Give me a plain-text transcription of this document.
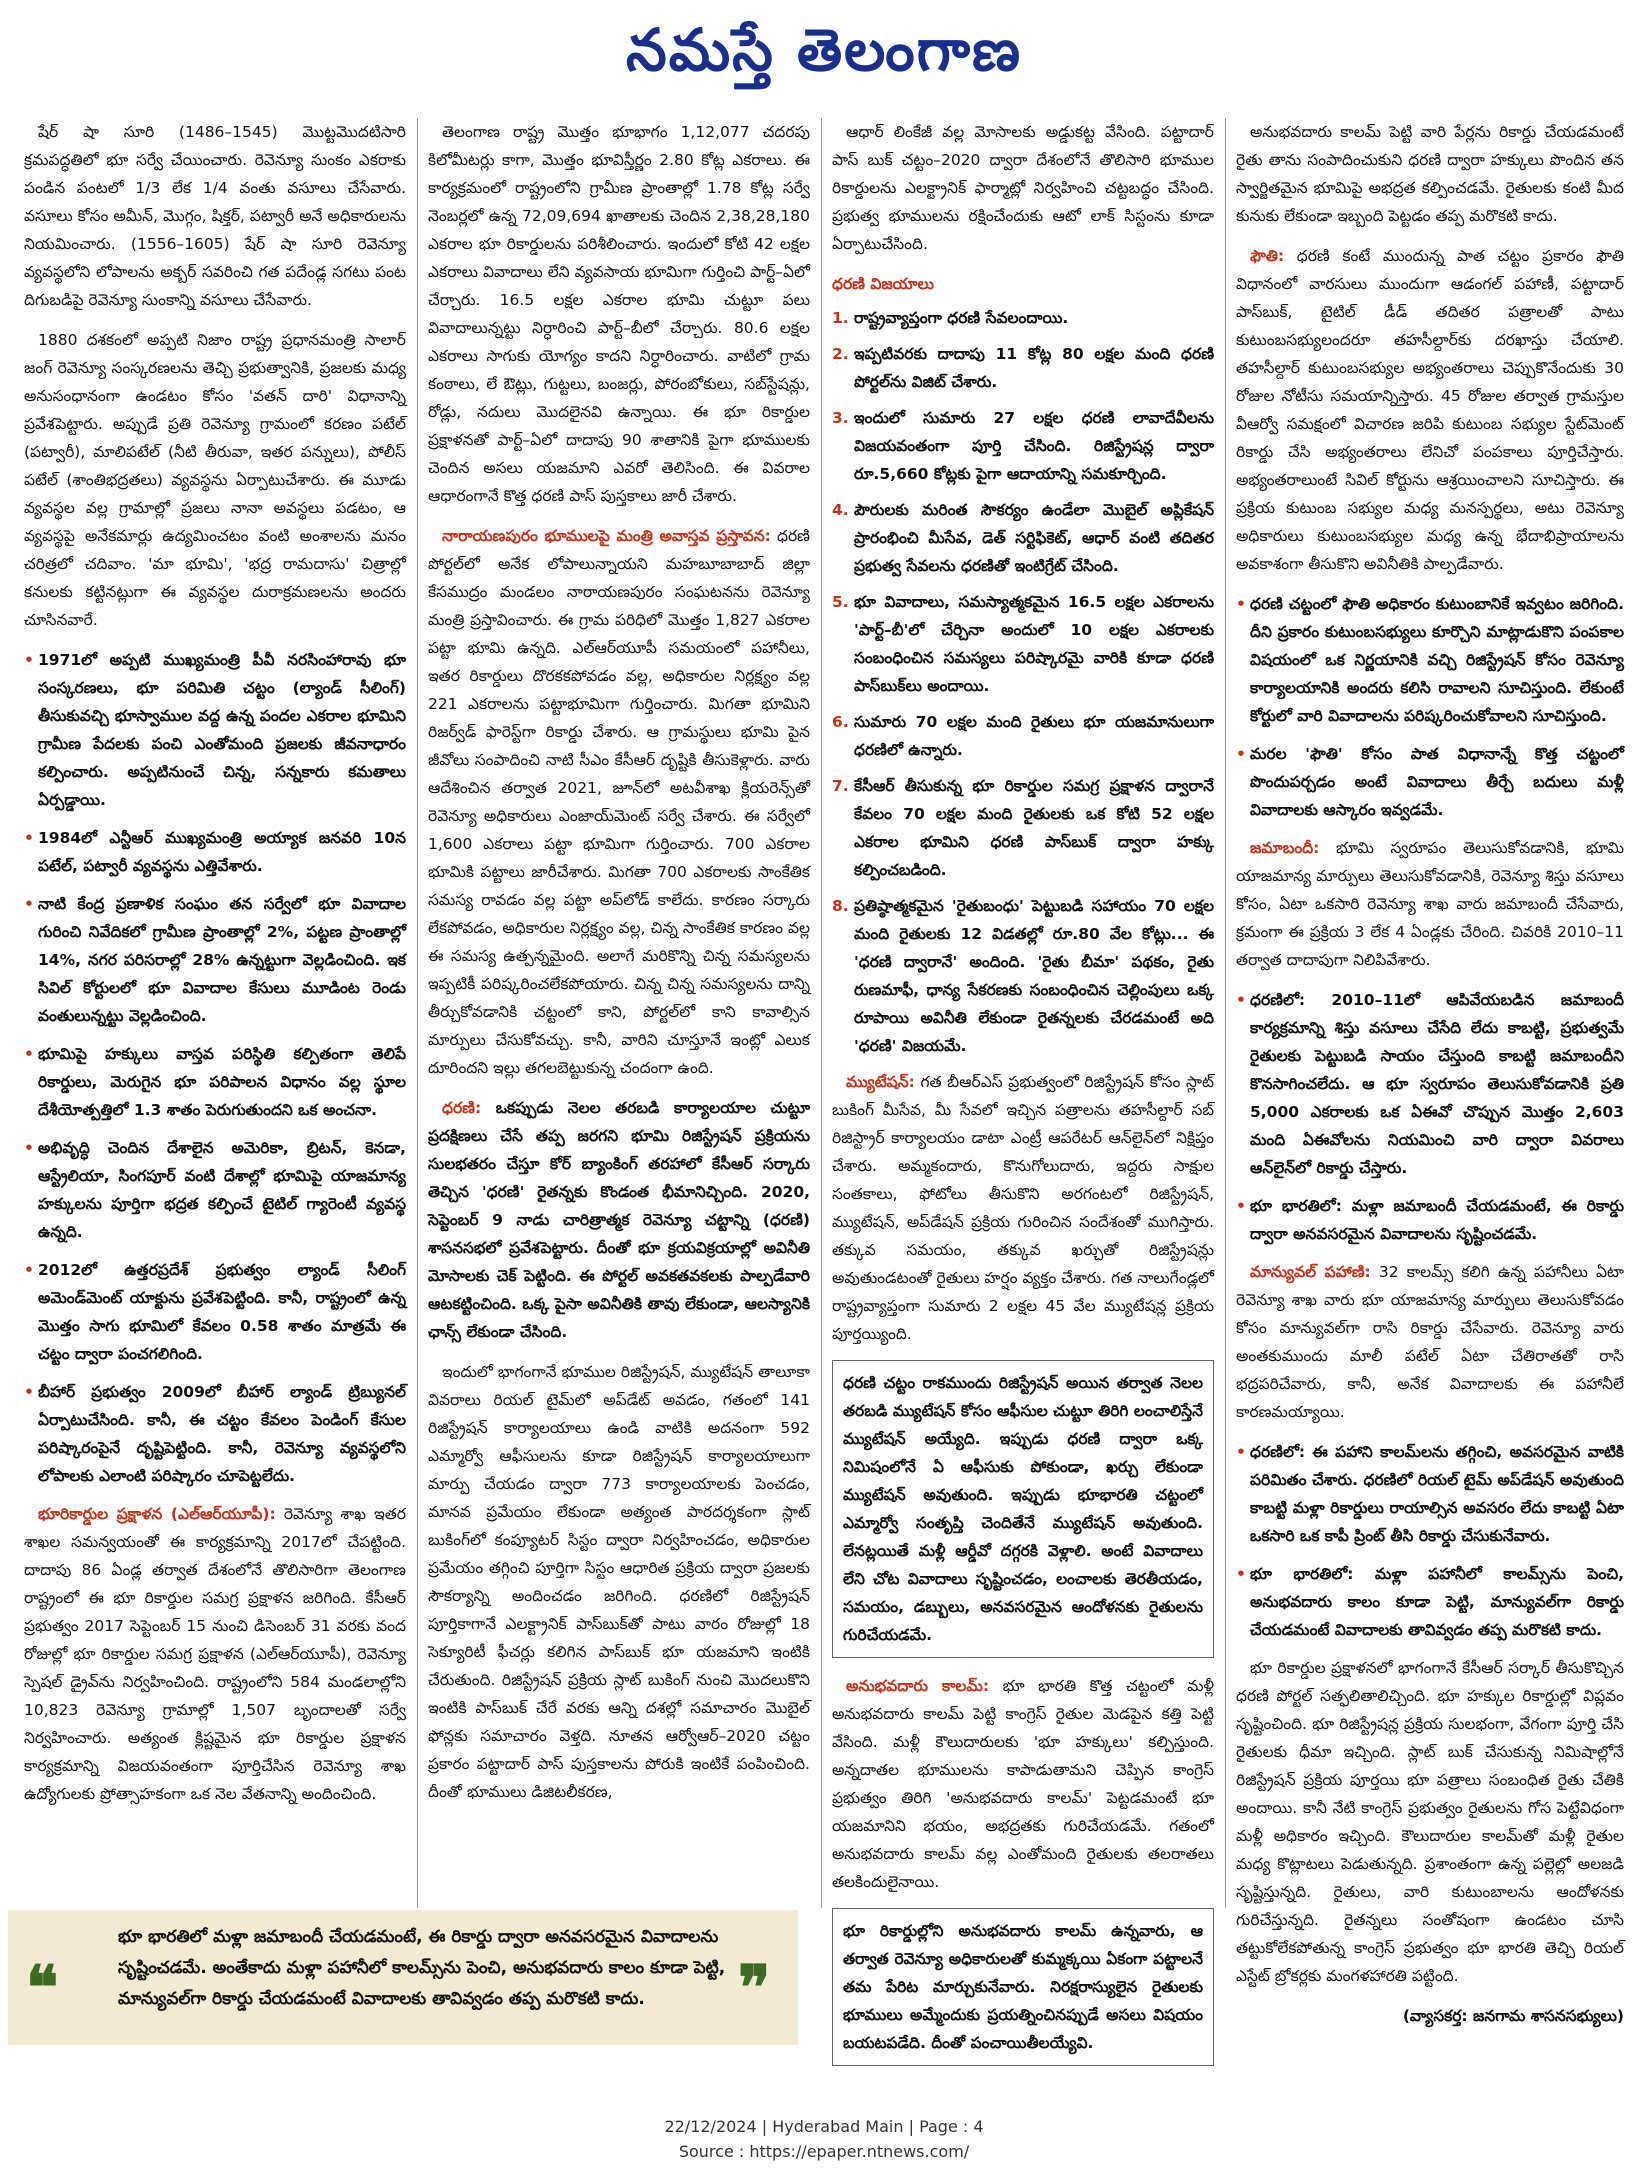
నమస్తే తెలంగాణ

షేర్ షా సూరి (1486–1545) మొట్టమొదటిసారి క్రమపద్ధతిలో భూ సర్వే చేయించారు. రెవెన్యూ సుంకం ఎకరాకు పండిన పంటలో 1/3 లేక 1/4 వంతు వసూలు చేసేవారు. వసూలు కోసం అమీన్, మొగ్గం, షిక్తర్, పట్వారీ అనే అధికారులను నియమించారు. (1556–1605) షేర్ షా సూరి రెవెన్యూ వ్యవస్థలోని లోపాలను అక్బర్ సవరించి గత పదేండ్ల సగటు పంట దిగుబడిపై రెవెన్యూ సుంకాన్ని వసూలు చేసేవారు.

1880 దశకంలో అప్పటి నిజాం రాష్ట్ర ప్రధానమంత్రి సాలార్ జంగ్ రెవెన్యూ సంస్కరణలను తెచ్చి ప్రభుత్వానికి, ప్రజలకు మధ్య అనుసంధానంగా ఉండటం కోసం 'వతన్ దారి' విధానాన్ని ప్రవేశపెట్టారు. అప్పుడే ప్రతి రెవెన్యూ గ్రామంలో కరణం పటేల్ (పట్వారీ), మాలిపటేల్ (నీటి తీరువా, ఇతర పన్నులు), పోలీస్ పటేల్ (శాంతిభద్రతలు) వ్యవస్థను ఏర్పాటుచేశారు. ఈ మూడు వ్యవస్థల వల్ల గ్రామాల్లో ప్రజలు నానా అవస్థలు పడటం, ఆ వ్యవస్థపై అనేకమార్లు ఉద్యమించటం వంటి అంశాలను మనం చరిత్రలో చదివాం. 'మా భూమి', 'భద్ర రామదాసు' చిత్రాల్లో కనులకు కట్టినట్లుగా ఈ వ్యవస్థల దురాక్రమణలను అందరు చూసినవారే.

• 1971లో అప్పటి ముఖ్యమంత్రి పీవీ నరసింహారావు భూ సంస్కరణలు, భూ పరిమితి చట్టం (ల్యాండ్ సీలింగ్) తీసుకువచ్చి భూస్వాముల వద్ద ఉన్న పందల ఎకరాల భూమిని గ్రామీణ పేదలకు పంచి ఎంతోమంది ప్రజలకు జీవనాధారం కల్పించారు. అప్పటినుంచే చిన్న, సన్నకారు కమతాలు ఏర్పడ్డాయి.
• 1984లో ఎన్టీఆర్ ముఖ్యమంత్రి అయ్యాక జనవరి 10న పటేల్, పట్వారీ వ్యవస్థను ఎత్తివేశారు.
• నాటి కేంద్ర ప్రణాళిక సంఘం తన సర్వేలో భూ వివాదాల గురించి నివేదికలో గ్రామీణ ప్రాంతాల్లో 2%, పట్టణ ప్రాంతాల్లో 14%, నగర పరిసరాల్లో 28% ఉన్నట్టుగా వెల్లడించింది. ఇక సివిల్ కోర్టులలో భూ వివాదాల కేసులు మూడింట రెండు వంతులున్నట్టు వెల్లడించింది.
• భూమిపై హక్కులు వాస్తవ పరిస్థితి కల్పితంగా తెలిపే రికార్డులు, మెరుగైన భూ పరిపాలన విధానం వల్ల స్థూల దేశీయోత్పత్తిలో 1.3 శాతం పెరుగుతుందని ఒక అంచనా.
• అభివృద్ధి చెందిన దేశాలైన అమెరికా, బ్రిటన్, కెనడా, ఆస్ట్రేలియా, సింగపూర్ వంటి దేశాల్లో భూమిపై యాజమాన్య హక్కులను పూర్తిగా భద్రత కల్పించే టైటిల్ గ్యారెంటీ వ్యవస్థ ఉన్నది.
• 2012లో ఉత్తరప్రదేశ్ ప్రభుత్వం ల్యాండ్ సీలింగ్ అమెండ్‌మెంట్ యాక్టును ప్రవేశపెట్టింది. కానీ, రాష్ట్రంలో ఉన్న మొత్తం సాగు భూమిలో కేవలం 0.58 శాతం మాత్రమే ఈ చట్టం ద్వారా పంచగలిగింది.
• బీహార్ ప్రభుత్వం 2009లో బీహార్ ల్యాండ్ ట్రిబ్యునల్ ఏర్పాటుచేసింది. కానీ, ఈ చట్టం కేవలం పెండింగ్ కేసుల పరిష్కారంపైనే దృష్టిపెట్టింది. కానీ, రెవెన్యూ వ్యవస్థలోని లోపాలకు ఎలాంటి పరిష్కారం చూపెట్టలేదు.

భూరికార్డుల ప్రక్షాళన (ఎల్ఆర్‌యూపీ): రెవెన్యూ శాఖ ఇతర శాఖల సమన్వయంతో ఈ కార్యక్రమాన్ని 2017లో చేపట్టింది. దాదాపు 86 ఏండ్ల తర్వాత దేశంలోనే తొలిసారిగా తెలంగాణ రాష్ట్రంలో ఈ భూ రికార్డుల సమగ్ర ప్రక్షాళన జరిగింది. కేసీఆర్ ప్రభుత్వం 2017 సెప్టెంబర్ 15 నుంచి డిసెంబర్ 31 వరకు వంద రోజుల్లో భూ రికార్డుల సమగ్ర ప్రక్షాళన (ఎల్ఆర్‌యూపీ), రెవెన్యూ స్పెషల్ డ్రైవ్‌ను నిర్వహించింది. రాష్ట్రంలోని 584 మండలాల్లోని 10,823 రెవెన్యూ గ్రామాల్లో 1,507 బృందాలతో సర్వే నిర్వహించారు. అత్యంత క్లిష్టమైన భూ రికార్డుల ప్రక్షాళన కార్యక్రమాన్ని విజయవంతంగా పూర్తిచేసిన రెవెన్యూ శాఖ ఉద్యోగులకు ప్రోత్సాహకంగా ఒక నెల వేతనాన్ని అందించింది.

తెలంగాణ రాష్ట్ర మొత్తం భూభాగం 1,12,077 చదరపు కిలోమీటర్లు కాగా, మొత్తం భూవిస్తీర్ణం 2.80 కోట్ల ఎకరాలు. ఈ కార్యక్రమంలో రాష్ట్రంలోని గ్రామీణ ప్రాంతాల్లో 1.78 కోట్ల సర్వే నెంబర్లలో ఉన్న 72,09,694 ఖాతాలకు చెందిన 2,38,28,180 ఎకరాల భూ రికార్డులను పరిశీలించారు. ఇందులో కోటి 42 లక్షల ఎకరాలు వివాదాలు లేని వ్యవసాయ భూమిగా గుర్తించి పార్ట్–ఏలో చేర్చారు. 16.5 లక్షల ఎకరాల భూమి చుట్టూ పలు వివాదాలున్నట్టు నిర్ధారించి పార్ట్–బీలో చేర్చారు. 80.6 లక్షల ఎకరాలు సాగుకు యోగ్యం కాదని నిర్ధారించారు. వాటిలో గ్రామ కంఠాలు, లే ఔట్లు, గుట్టలు, బంజర్లు, పోరంబోకులు, సబ్‌స్టేషన్లు, రోడ్లు, నదులు మొదలైనవి ఉన్నాయి. ఈ భూ రికార్డుల ప్రక్షాళనతో పార్ట్–ఏలో దాదాపు 90 శాతానికి పైగా భూములకు చెందిన అసలు యజమాని ఎవరో తెలిసింది. ఈ వివరాల ఆధారంగానే కొత్త ధరణి పాస్ పుస్తకాలు జారీ చేశారు.

నారాయణపురం భూములపై మంత్రి అవాస్తవ ప్రస్తావన: ధరణి పోర్టల్‌లో అనేక లోపాలున్నాయని మహబూబాబాద్ జిల్లా కేసముద్రం మండలం నారాయణపురం సంఘటనను రెవెన్యూ మంత్రి ప్రస్తావించారు. ఈ గ్రామ పరిధిలో మొత్తం 1,827 ఎకరాల పట్టా భూమి ఉన్నది. ఎల్ఆర్‌యూపీ సమయంలో పహానీలు, ఇతర రికార్డులు దొరకకపోవడం వల్ల, అధికారుల నిర్లక్ష్యం వల్ల 221 ఎకరాలను పట్టాభూమిగా గుర్తించారు. మిగతా భూమిని రిజర్వ్‌డ్ ఫారెస్ట్‌గా రికార్డు చేశారు. ఆ గ్రామస్థులు భూమి పైన జీవోలు సంపాదించి నాటి సీఎం కేసీఆర్ దృష్టికి తీసుకెళ్లారు. వారు ఆదేశించిన తర్వాత 2021, జూన్‌లో అటవీశాఖ క్లియరెన్స్‌తో రెవెన్యూ అధికారులు ఎంజాయ్‌మెంట్ సర్వే చేశారు. ఈ సర్వేలో 1,600 ఎకరాలు పట్టా భూమిగా గుర్తించారు. 700 ఎకరాల భూమికి పట్టాలు జారీచేశారు. మిగతా 700 ఎకరాలకు సాంకేతిక సమస్య రావడం వల్ల పట్టా అప్‌లోడ్ కాలేదు. కారణం సర్కారు లేకపోవడం, అధికారుల నిర్లక్ష్యం వల్ల, చిన్న సాంకేతిక కారణం వల్ల ఈ సమస్య ఉత్పన్నమైంది. అలాగే మరికొన్ని చిన్న సమస్యలను ఇప్పటికీ పరిష్కరించలేకపోయారు. చిన్న చిన్న సమస్యలను దాన్ని తీర్చుకోవడానికి చట్టంలో కాని, పోర్టల్‌లో కాని కావాల్సిన మార్పులు చేసుకోవచ్చు. కానీ, వారిని చూస్తూనే ఇంట్లో ఎలుక దూరిందని ఇల్లు తగలబెట్టుకున్న చందంగా ఉంది.

ధరణి: ఒకప్పుడు నెలల తరబడి కార్యాలయాల చుట్టూ ప్రదక్షిణలు చేసే తప్ప జరగని భూమి రిజిస్ట్రేషన్ ప్రక్రియను సులభతరం చేస్తూ కోర్ బ్యాంకింగ్ తరహాలో కేసీఆర్ సర్కారు తెచ్చిన 'ధరణి' రైతన్నకు కొండంత భీమానిచ్చింది. 2020, సెప్టెంబర్ 9 నాడు చారిత్రాత్మక రెవెన్యూ చట్టాన్ని (ధరణి) శాసనసభలో ప్రవేశపెట్టారు. దీంతో భూ క్రయవిక్రయాల్లో అవినీతి మోసాలకు చెక్ పెట్టింది. ఈ పోర్టల్ అవకతవకలకు పాల్పడేవారి ఆటకట్టించింది. ఒక్క పైసా అవినీతికి తావు లేకుండా, ఆలస్యానికి ఛాన్స్ లేకుండా చేసింది.

ఇందులో భాగంగానే భూముల రిజిస్ట్రేషన్, మ్యుటేషన్ తాలూకా వివరాలు రియల్ టైమ్‌లో అప్‌డేట్ అవడం, గతంలో 141 రిజిస్ట్రేషన్ కార్యాలయాలు ఉండి వాటికి అదనంగా 592 ఎమ్మార్వో ఆఫీసులను కూడా రిజిస్ట్రేషన్ కార్యాలయాలుగా మార్పు చేయడం ద్వారా 773 కార్యాలయాలకు పెంచడం, మానవ ప్రమేయం లేకుండా అత్యంత పారదర్శకంగా స్లాట్ బుకింగ్‌లో కంప్యూటర్ సిస్టం ద్వారా నిర్వహించడం, అధికారుల ప్రమేయం తగ్గించి పూర్తిగా సిస్టం ఆధారిత ప్రక్రియ ద్వారా ప్రజలకు సౌకర్యాన్ని అందించడం జరిగింది. ధరణిలో రిజిస్ట్రేషన్ పూర్తికాగానే ఎలక్ట్రానిక్ పాస్‌బుక్‌తో పాటు వారం రోజుల్లో 18 సెక్యూరిటీ ఫీచర్లు కలిగిన పాస్‌బుక్ భూ యజమాని ఇంటికి చేరుతుంది. రిజిస్ట్రేషన్ ప్రక్రియ స్లాట్ బుకింగ్ నుంచి మొదలుకొని ఇంటికి పాస్‌బుక్ చేరే వరకు ఆన్ని దశల్లో సమాచారం మొబైల్ ఫోన్లకు సమాచారం వెళ్తది. నూతన ఆర్వోఆర్–2020 చట్టం ప్రకారం పట్టాదార్ పాస్ పుస్తకాలను పోరుకి ఇంటికే పంపించింది. దీంతో భూములు డిజిటలీకరణ,

ఆధార్ లింకేజీ వల్ల మోసాలకు అడ్డుకట్ట వేసింది. పట్టాదార్ పాస్ బుక్ చట్టం–2020 ద్వారా దేశంలోనే తొలిసారి భూముల రికార్డులను ఎలక్ట్రానిక్ ఫార్మాట్లో నిర్వహించి చట్టబద్ధం చేసింది. ప్రభుత్వ భూములను రక్షించేందుకు ఆటో లాక్ సిస్టంను కూడా ఏర్పాటుచేసింది.

ధరణి విజయాలు
1. రాష్ట్రవ్యాప్తంగా ధరణి సేవలందాయి.
2. ఇప్పటివరకు దాదాపు 11 కోట్ల 80 లక్షల మంది ధరణి పోర్టల్‌ను విజిట్ చేశారు.
3. ఇందులో సుమారు 27 లక్షల ధరణి లావాదేవీలను విజయవంతంగా పూర్తి చేసింది. రిజిస్ట్రేషన్ల ద్వారా రూ.5,660 కోట్లకు పైగా ఆదాయాన్ని సమకూర్చింది.
4. పౌరులకు మరింత సౌకర్యం ఉండేలా మొబైల్ అప్లికేషన్ ప్రారంభించి మీసేవ, డెత్ సర్టిఫికెట్, ఆధార్ వంటి తదితర ప్రభుత్వ సేవలను ధరణితో ఇంటిగ్రేట్ చేసింది.
5. భూ వివాదాలు, సమస్యాత్మకమైన 16.5 లక్షల ఎకరాలను 'పార్ట్–బీ'లో చేర్చినా అందులో 10 లక్షల ఎకరాలకు సంబంధించిన సమస్యలు పరిష్కారమై వారికి కూడా ధరణి పాస్‌బుక్‌లు అందాయి.
6. సుమారు 70 లక్షల మంది రైతులు భూ యజమానులుగా ధరణిలో ఉన్నారు.
7. కేసీఆర్ తీసుకున్న భూ రికార్డుల సమగ్ర ప్రక్షాళన ద్వారానే కేవలం 70 లక్షల మంది రైతులకు ఒక కోటి 52 లక్షల ఎకరాల భూమిని ధరణి పాస్‌బుక్ ద్వారా హక్కు కల్పించబడింది.
8. ప్రతిష్ఠాత్మకమైన 'రైతుబంధు' పెట్టుబడి సహాయం 70 లక్షల మంది రైతులకు 12 విడతల్లో రూ.80 వేల కోట్లు... ఈ 'ధరణి ద్వారానే' అందింది. 'రైతు బీమా' పథకం, రైతు రుణమాఫీ, ధాన్య సేకరణకు సంబంధించిన చెల్లింపులు ఒక్క రూపాయి అవినీతి లేకుండా రైతన్నలకు చేరడమంటే అది 'ధరణి' విజయమే.

మ్యుటేషన్: గత బీఆర్ఎస్ ప్రభుత్వంలో రిజిస్ట్రేషన్ కోసం స్లాట్ బుకింగ్ మీసేవ, మీ సేవలో ఇచ్చిన పత్రాలను తహసీల్దార్ సబ్ రిజిస్ట్రార్ కార్యాలయం డాటా ఎంట్రీ ఆపరేటర్ ఆన్‌లైన్‌లో నిక్షిప్తం చేశారు. అమ్మకందారు, కొనుగోలుదారు, ఇద్దరు సాక్షుల సంతకాలు, ఫోటోలు తీసుకొని అరగంటలో రిజిస్ట్రేషన్, మ్యుటేషన్, అప్‌డేషన్ ప్రక్రియ గురించిన సందేశంతో ముగిస్తారు. తక్కువ సమయం, తక్కువ ఖర్చుతో రిజిస్ట్రేషన్లు అవుతుండటంతో రైతులు హర్షం వ్యక్తం చేశారు. గత నాలుగేండ్లలో రాష్ట్రవ్యాప్తంగా సుమారు 2 లక్షల 45 వేల మ్యుటేషన్ల ప్రక్రియ పూర్తయ్యింది.

ధరణి చట్టం రాకముందు రిజిస్ట్రేషన్ అయిన తర్వాత నెలల తరబడి మ్యుటేషన్ కోసం ఆఫీసుల చుట్టూ తిరిగి లంచాలిస్తేనే మ్యుటేషన్ అయ్యేది. ఇప్పుడు ధరణి ద్వారా ఒక్క నిమిషంలోనే ఏ ఆఫీసుకు పోకుండా, ఖర్చు లేకుండా మ్యుటేషన్ అవుతుంది. ఇప్పుడు భూభారతి చట్టంలో ఎమ్మార్వో సంతృప్తి చెందితేనే మ్యుటేషన్ అవుతుంది. లేనట్లయితే మళ్లీ ఆర్డీవో దగ్గరకి వెళ్లాలి. అంటే వివాదాలు లేని చోట వివాదాలు సృష్టించడం, లంచాలకు తెరతీయడం, సమయం, డబ్బులు, అనవసరమైన ఆందోళనకు రైతులను గురిచేయడమే.

అనుభవదారు కాలమ్: భూ భారతి కొత్త చట్టంలో మళ్లీ అనుభవదారు కాలమ్ పెట్టి కాంగ్రెస్ రైతుల మెడపైన కత్తి పెట్టి వేసింది. మళ్లీ కౌలుదారులకు 'భూ హక్కులు' కల్పిస్తుంది. అన్నదాతల భూములను కాపాడుతామని చెప్పిన కాంగ్రెస్ ప్రభుత్వం తిరిగి 'అనుభవదారు కాలమ్' పెట్టడమంటే భూ యజమానిని భయం, అభద్రతకు గురిచేయడమే. గతంలో అనుభవదారు కాలమ్ వల్ల ఎంతోమంది రైతులకు తలరాతలు తలకిందులైనాయి.

భూ రికార్డుల్లోని అనుభవదారు కాలమ్ ఉన్నవారు, ఆ తర్వాత రెవెన్యూ అధికారులతో కుమ్మక్కయి ఏకంగా పట్టాలనే తమ పేరిట మార్చుకునేవారు. నిరక్షరాస్యులైన రైతులకు భూములు అమ్మేందుకు ప్రయత్నించినప్పుడే అసలు విషయం బయటపడేది. దీంతో పంచాయితీలయ్యేవి.

అనుభవదారు కాలమ్ పెట్టి వారి పేర్లను రికార్డు చేయడమంటే రైతు తాను సంపాదించుకుని ధరణి ద్వారా హక్కులు పొందిన తన స్వార్జితమైన భూమిపై అభద్రత కల్పించడమే. రైతులకు కంటి మీద కునుకు లేకుండా ఇబ్బంది పెట్టడం తప్ప మరొకటి కాదు.

ఫౌతి: ధరణి కంటే ముందున్న పాత చట్టం ప్రకారం ఫౌతి విధానంలో వారసులు ముందుగా ఆడంగల్ పహాణీ, పట్టాదార్ పాస్‌బుక్, టైటిల్ డీడ్ తదితర పత్రాలతో పాటు కుటుంబసభ్యులందరూ తహసీల్దార్‌కు దరఖాస్తు చేయాలి. తహసీల్దార్ కుటుంబసభ్యుల అభ్యంతరాలు చెప్పుకొనేందుకు 30 రోజుల నోటీసు సమయాన్నిస్తారు. 45 రోజుల తర్వాత గ్రామస్తుల వీఆర్వో సమక్షంలో విచారణ జరిపి కుటుంబ సభ్యుల స్టేట్‌మెంట్ రికార్డు చేసి అభ్యంతరాలు లేనిచో పంపకాలు పూర్తిచేస్తారు. అభ్యంతరాలుంటే సివిల్ కోర్టును ఆశ్రయించాలని సూచిస్తారు. ఈ ప్రక్రియ కుటుంబ సభ్యుల మధ్య మనస్పర్థలు, అటు రెవెన్యూ అధికారులు కుటుంబసభ్యుల మధ్య ఉన్న భేదాభిప్రాయాలను అవకాశంగా తీసుకొని అవినీతికి పాల్పడేవారు.

• ధరణి చట్టంలో ఫౌతి అధికారం కుటుంబానికే ఇవ్వటం జరిగింది. దీని ప్రకారం కుటుంబసభ్యులు కూర్చొని మాట్లాడుకొని పంపకాల విషయంలో ఒక నిర్ణయానికి వచ్చి రిజిస్ట్రేషన్ కోసం రెవెన్యూ కార్యాలయానికి అందరు కలిసి రావాలని సూచిస్తుంది. లేకుంటే కోర్టులో వారి వివాదాలను పరిష్కరించుకోవాలని సూచిస్తుంది.
• మరల 'ఫౌతి' కోసం పాత విధానాన్నే కొత్త చట్టంలో పొందుపర్చడం అంటే వివాదాలు తీర్చే బదులు మళ్లీ వివాదాలకు ఆస్కారం ఇవ్వడమే.

జమాబందీ: భూమి స్వరూపం తెలుసుకోవడానికి, భూమి యాజమాన్య మార్పులు తెలుసుకోవడానికి, రెవెన్యూ శిస్తు వసూలు కోసం, ఏటా ఒకసారి రెవెన్యూ శాఖ వారు జమాబందీ చేసేవారు, క్రమంగా ఈ ప్రక్రియ 3 లేక 4 ఏండ్లకు చేరింది. చివరికి 2010–11 తర్వాత దాదాపుగా నిలిపివేశారు.

• ధరణిలో: 2010–11లో ఆపివేయబడిన జమాబందీ కార్యక్రమాన్ని శిస్తు వసూలు చేసేది లేదు కాబట్టి, ప్రభుత్వమే రైతులకు పెట్టుబడి సాయం చేస్తుంది కాబట్టి జమాబందీని కొనసాగించలేదు. ఆ భూ స్వరూపం తెలుసుకోవడానికి ప్రతి 5,000 ఎకరాలకు ఒక ఏఈవో చొప్పున మొత్తం 2,603 మంది ఏఈవోలను నియమించి వారి ద్వారా వివరాలు ఆన్‌లైన్‌లో రికార్డు చేస్తారు.
• భూ భారతిలో: మళ్లా జమాబందీ చేయడమంటే, ఈ రికార్డు ద్వారా అనవసరమైన వివాదాలను సృష్టించడమే.

మాన్యువల్ పహాణి: 32 కాలమ్స్ కలిగి ఉన్న పహానీలు ఏటా రెవెన్యూ శాఖ వారు భూ యాజమాన్య మార్పులు తెలుసుకోవడం కోసం మాన్యువల్‌గా రాసి రికార్డు చేసేవారు. రెవెన్యూ వారు అంతకుముందు మాలీ పటేల్ ఏటా చేతిరాతతో రాసి భద్రపరిచేవారు, కానీ, అనేక వివాదాలకు ఈ పహానీలే కారణమయ్యాయి.

• ధరణిలో: ఈ పహాని కాలమ్‌లను తగ్గించి, అవసరమైన వాటికి పరిమితం చేశారు. ధరణిలో రియల్ టైమ్ అప్‌డేషన్ అవుతుంది కాబట్టి మళ్లా రికార్డులు రాయాల్సిన అవసరం లేదు కాబట్టి ఏటా ఒకసారి ఒక కాపీ ప్రింట్ తీసి రికార్డు చేసుకునేవారు.
• భూ భారతిలో: మళ్లా పహానీలో కాలమ్స్‌ను పెంచి, అనుభవదారు కాలం కూడా పెట్టి, మాన్యువల్‌గా రికార్డు చేయడమంటే వివాదాలకు తావివ్వడం తప్ప మరొకటి కాదు.

భూ రికార్డుల ప్రక్షాళనలో భాగంగానే కేసీఆర్ సర్కార్ తీసుకొచ్చిన ధరణి పోర్టల్ సత్ఫలితాలిచ్చింది. భూ హక్కుల రికార్డుల్లో విప్లవం సృష్టించింది. భూ రిజిస్ట్రేషన్ల ప్రక్రియ సులభంగా, వేగంగా పూర్తి చేసి రైతులకు ధీమా ఇచ్చింది. స్లాట్ బుక్ చేసుకున్న నిమిషాల్లోనే రిజిస్ట్రేషన్ ప్రక్రియ పూర్తయి భూ పత్రాలు సంబంధిత రైతు చేతికి అందాయి. కానీ నేటి కాంగ్రెస్ ప్రభుత్వం రైతులను గోస పెట్టేవిధంగా మళ్లీ అధికారం ఇచ్చింది. కౌలుదారుల కాలమ్‌తో మళ్లీ రైతుల మధ్య కొట్లాటలు పెడుతున్నది. ప్రశాంతంగా ఉన్న పల్లెల్లో అలజడి సృష్టిస్తున్నది. రైతులు, వారి కుటుంబాలను ఆందోళనకు గురిచేస్తున్నది. రైతన్నలు సంతోషంగా ఉండటం చూసి తట్టుకోలేకపోతున్న కాంగ్రెస్ ప్రభుత్వం భూ భారతి తెచ్చి రియల్ ఎస్టేట్ బ్రోకర్లకు మంగళహారతి పట్టింది.

(వ్యాసకర్త: జనగామ శాసనసభ్యులు)
❝
భూ భారతిలో మళ్లా జమాబందీ చేయడమంటే, ఈ రికార్డు ద్వారా అనవసరమైన వివాదాలను సృష్టించడమే. అంతేకాదు మళ్లా పహానీలో కాలమ్స్‌ను పెంచి, అనుభవదారు కాలం కూడా పెట్టి, మాన్యువల్‌గా రికార్డు చేయడమంటే వివాదాలకు తావివ్వడం తప్ప మరొకటి కాదు.	❞
22/12/2024 | Hyderabad Main | Page : 4
Source : https://epaper.ntnews.com/
